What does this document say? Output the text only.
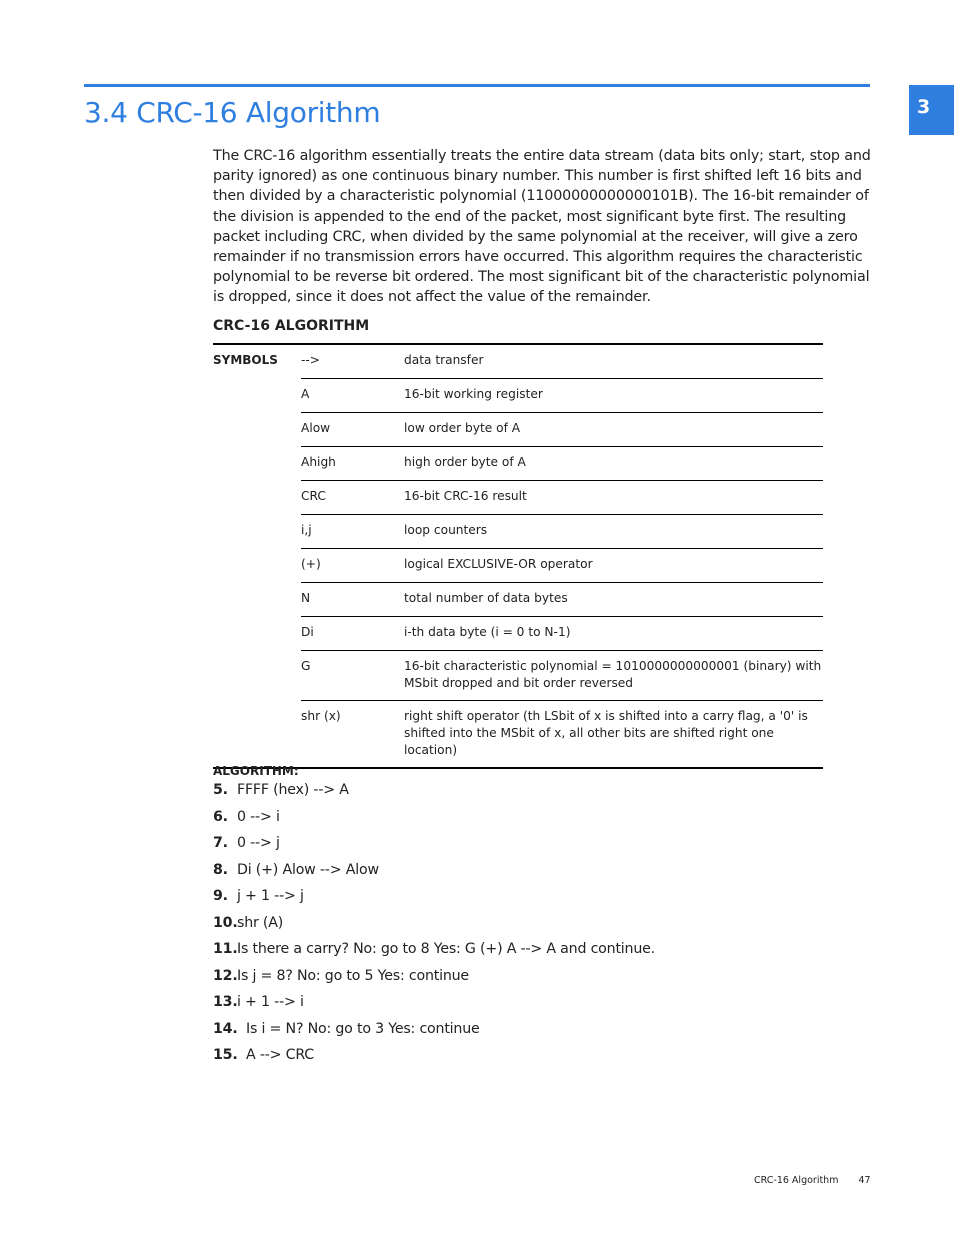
3
3.4 CRC-16 Algorithm

The CRC-16 algorithm essentially treats the entire data stream (data bits only; start, stop and parity ignored) as one continuous binary number. This number is first shifted left 16 bits and then divided by a characteristic polynomial (11000000000000101B). The 16-bit remainder of the division is appended to the end of the packet, most significant byte first. The resulting packet including CRC, when divided by the same polynomial at the receiver, will give a zero remainder if no transmission errors have occurred. This algorithm requires the characteristic polynomial to be reverse bit ordered. The most significant bit of the characteristic polynomial is dropped, since it does not affect the value of the remainder.

CRC-16 ALGORITHM

SYMBOLS	-->	data transfer
	A	16-bit working register
	Alow	low order byte of A
	Ahigh	high order byte of A
	CRC	16-bit CRC-16 result
	i,j	loop counters
	(+)	logical EXCLUSIVE-OR operator
	N	total number of data bytes
	Di	i-th data byte (i = 0 to N-1)
	G	16-bit characteristic polynomial = 1010000000000001 (binary) with MSbit dropped and bit order reversed
	shr (x)	right shift operator (th LSbit of x is shifted into a carry flag, a '0' is shifted into the MSbit of x, all other bits are shifted right one location)

ALGORITHM:

5. FFFF (hex) --> A
6. 0 --> i
7. 0 --> j
8. Di (+) Alow --> Alow
9. j + 1 --> j
10.shr (A)
11.Is there a carry? No: go to 8 Yes: G (+) A --> A and continue.
12.Is j = 8? No: go to 5 Yes: continue
13.i + 1 --> i
14. Is i = N? No: go to 3 Yes: continue
15. A --> CRC
CRC-16 Algorithm 47
